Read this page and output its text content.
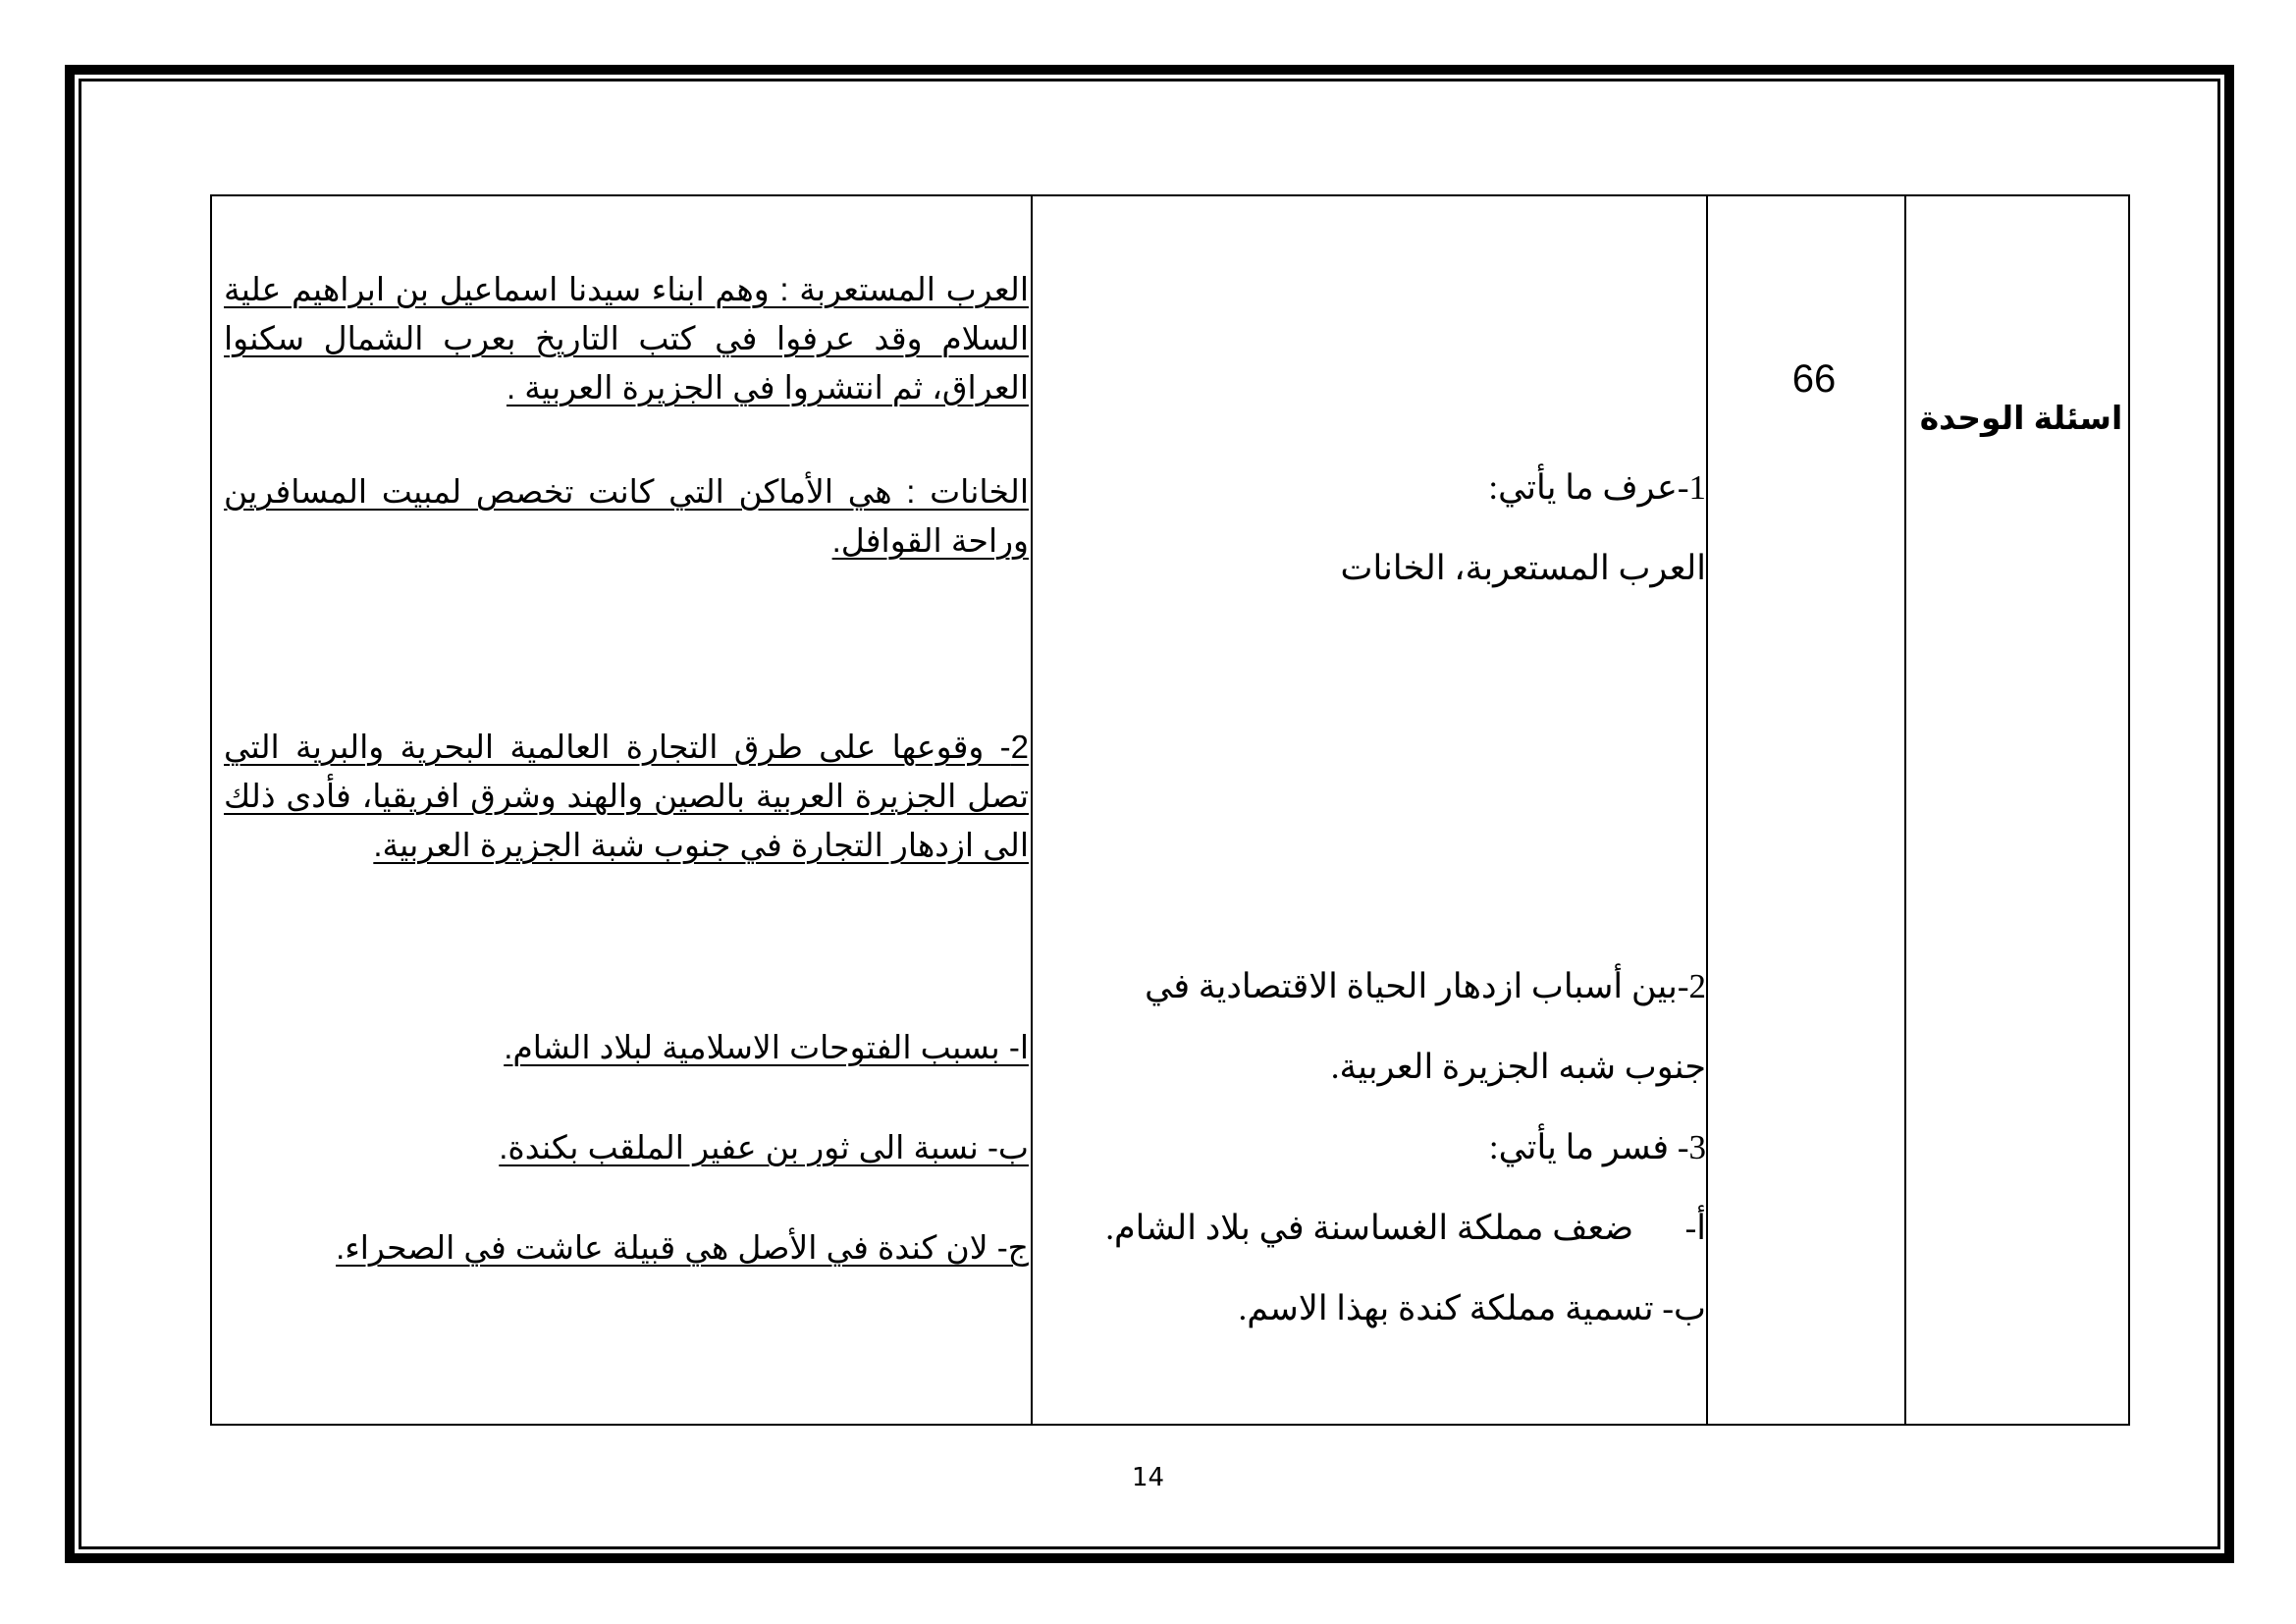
العرب المستعربة : وهم ابناء سيدنا اسماعيل بن ابراهيم علية السلام وقد عرفوا في كتب التاريخ بعرب الشمال سكنوا العراق، ثم انتشروا في الجزيرة العربية .
الخانات : هي الأماكن التي كانت تخصص لمبيت المسافرين وراحة القوافل.
2- وقوعها على طرق التجارة العالمية البحرية والبرية التي تصل الجزيرة العربية بالصين والهند وشرق افريقيا، فأدى ذلك الى ازدهار التجارة في جنوب شبة الجزيرة العربية.
ا- بسبب الفتوحات الاسلامية لبلاد الشام.
ب- نسبة الى ثور بن عفير الملقب بكندة.
ج- لان كندة في الأصل هي قبيلة عاشت في الصحراء.

1-عرف ما يأتي:

العرب المستعربة، الخانات

2-بين أسباب ازدهار الحياة الاقتصادية في

جنوب شبه الجزيرة العربية.

3- فسر ما يأتي:

أ-      ضعف مملكة الغساسنة في بلاد الشام.

ب- تسمية مملكة كندة بهذا الاسم.

66
اسئلة الوحدة
14
